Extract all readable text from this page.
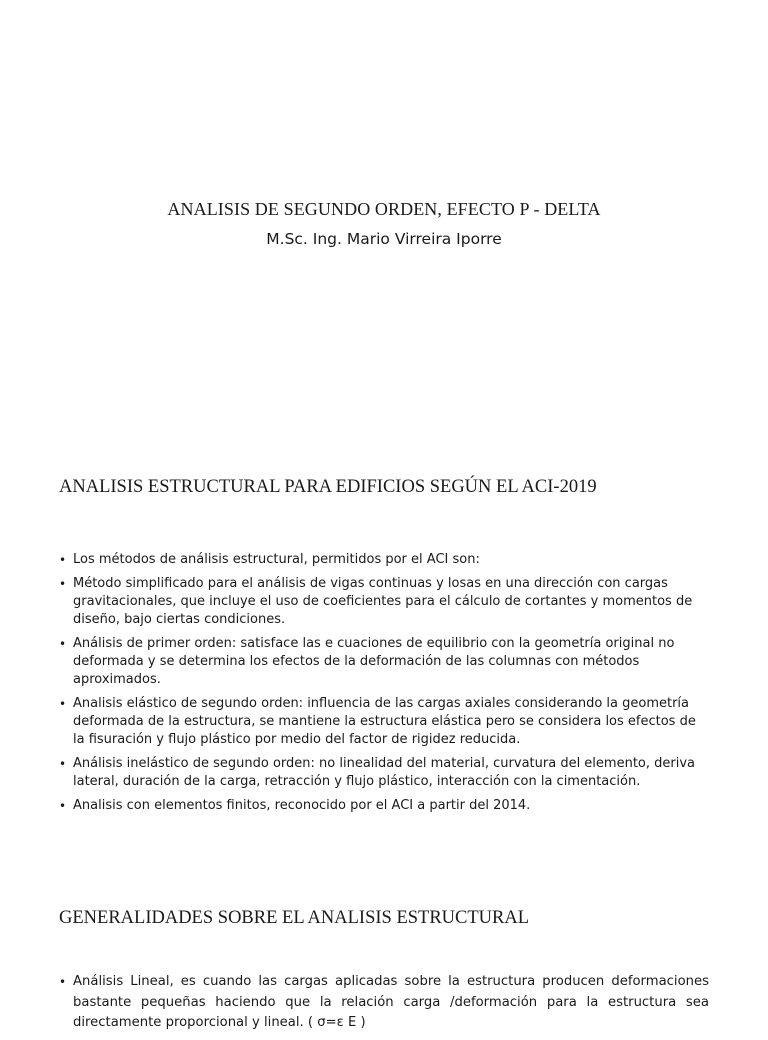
ANALISIS DE SEGUNDO ORDEN, EFECTO P - DELTA

M.Sc. Ing. Mario Virreira Iporre

ANALISIS ESTRUCTURAL PARA EDIFICIOS SEGÚN EL ACI-2019
• Los métodos de análisis estructural, permitidos por el ACI son:
• Método simplificado para el análisis de vigas continuas y losas en una dirección con cargas gravitacionales, que incluye el uso de coeficientes para el cálculo de cortantes y momentos de diseño, bajo ciertas condiciones.
• Análisis de primer orden: satisface las e cuaciones de equilibrio con la geometría original no deformada y se determina los efectos de la deformación de las columnas con métodos aproximados.
• Analisis elástico de segundo orden: influencia de las cargas axiales considerando la geometría deformada de la estructura, se mantiene la estructura elástica pero se considera los efectos de la fisuración y flujo plástico por medio del factor de rigidez reducida.
• Análisis inelástico de segundo orden: no linealidad del material, curvatura del elemento, deriva lateral, duración de la carga, retracción y flujo plástico, interacción con la cimentación.
• Analisis con elementos finitos, reconocido por el ACI a partir del 2014.
GENERALIDADES SOBRE EL ANALISIS ESTRUCTURAL
• Análisis Lineal, es cuando las cargas aplicadas sobre la estructura producen deformaciones bastante pequeñas haciendo que la relación carga /deformación para la estructura sea directamente proporcional y lineal. ( σ=ε E )
